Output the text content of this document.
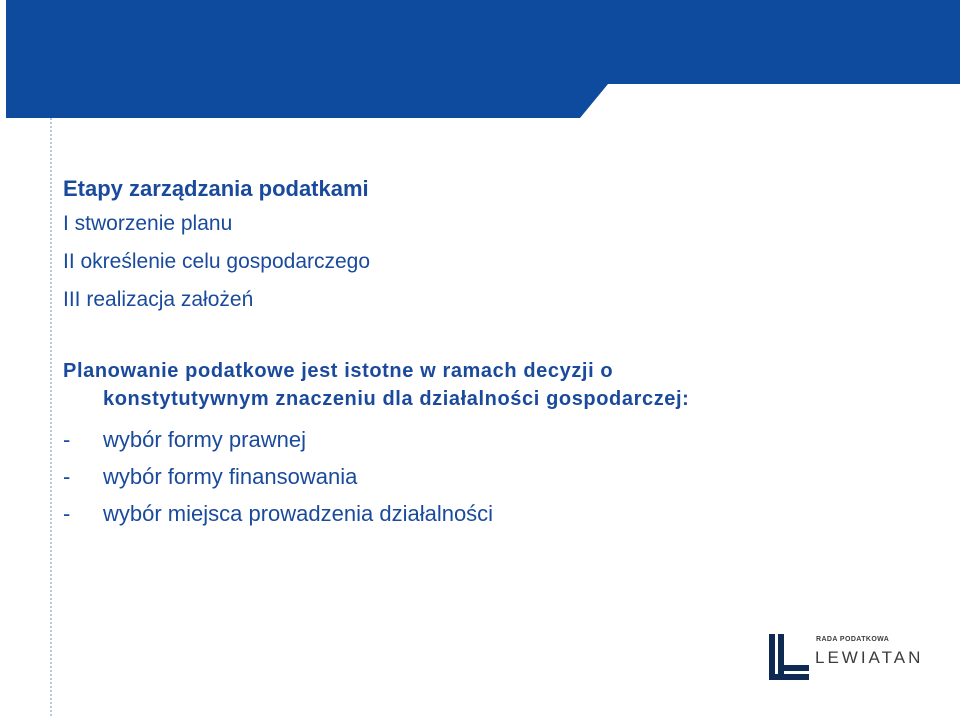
Etapy zarządzania podatkami

I stworzenie planu

II określenie celu gospodarczego

III realizacja założeń

Planowanie podatkowe jest istotne w ramach decyzji o
konstytutywnym znaczeniu dla działalności gospodarczej:
-	wybór formy prawnej
-	wybór formy finansowania
-	wybór miejsca prowadzenia działalności
RADA PODATKOWA
LEWIATAN
